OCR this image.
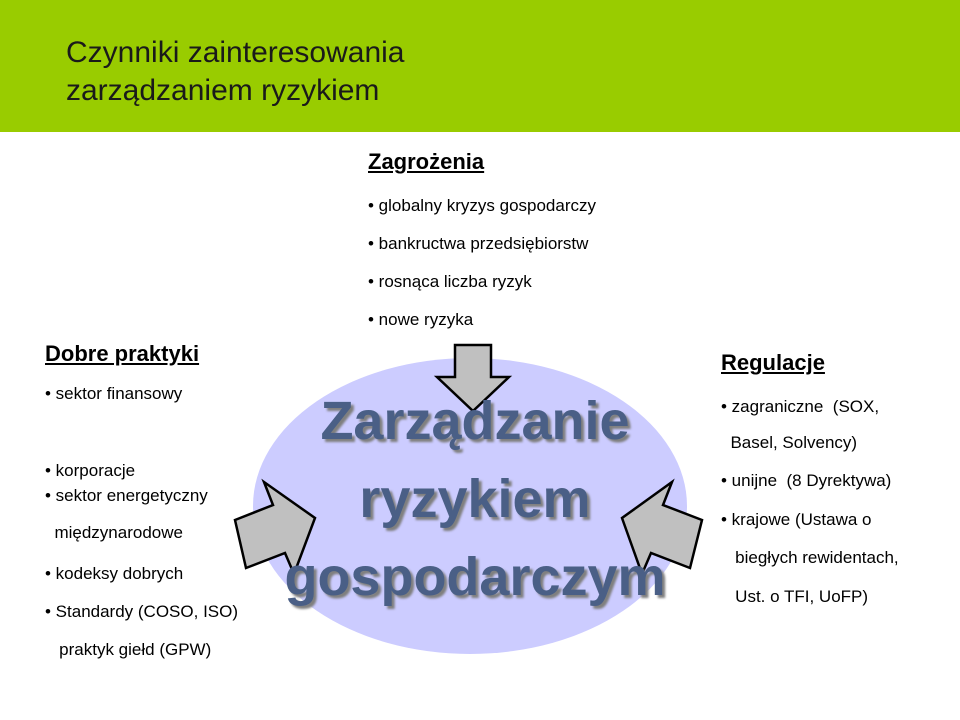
Czynniki zainteresowania
zarządzaniem ryzykiem
Zarządzanie
ryzykiem
gospodarczym
Zagrożenia
• globalny kryzys gospodarczy
• bankructwa przedsiębiorstw
• rosnąca liczba ryzyk
• nowe ryzyka
Dobre praktyki
• sektor finansowy

• korporacje

międzynarodowe

• sektor energetyczny

• kodeksy dobrych

praktyk giełd (GPW)

• Standardy (COSO, ISO)
Regulacje

• zagraniczne  (SOX,

Basel, Solvency)

• unijne  (8 Dyrektywa)

• krajowe (Ustawa o

biegłych rewidentach,

Ust. o TFI, UoFP)
